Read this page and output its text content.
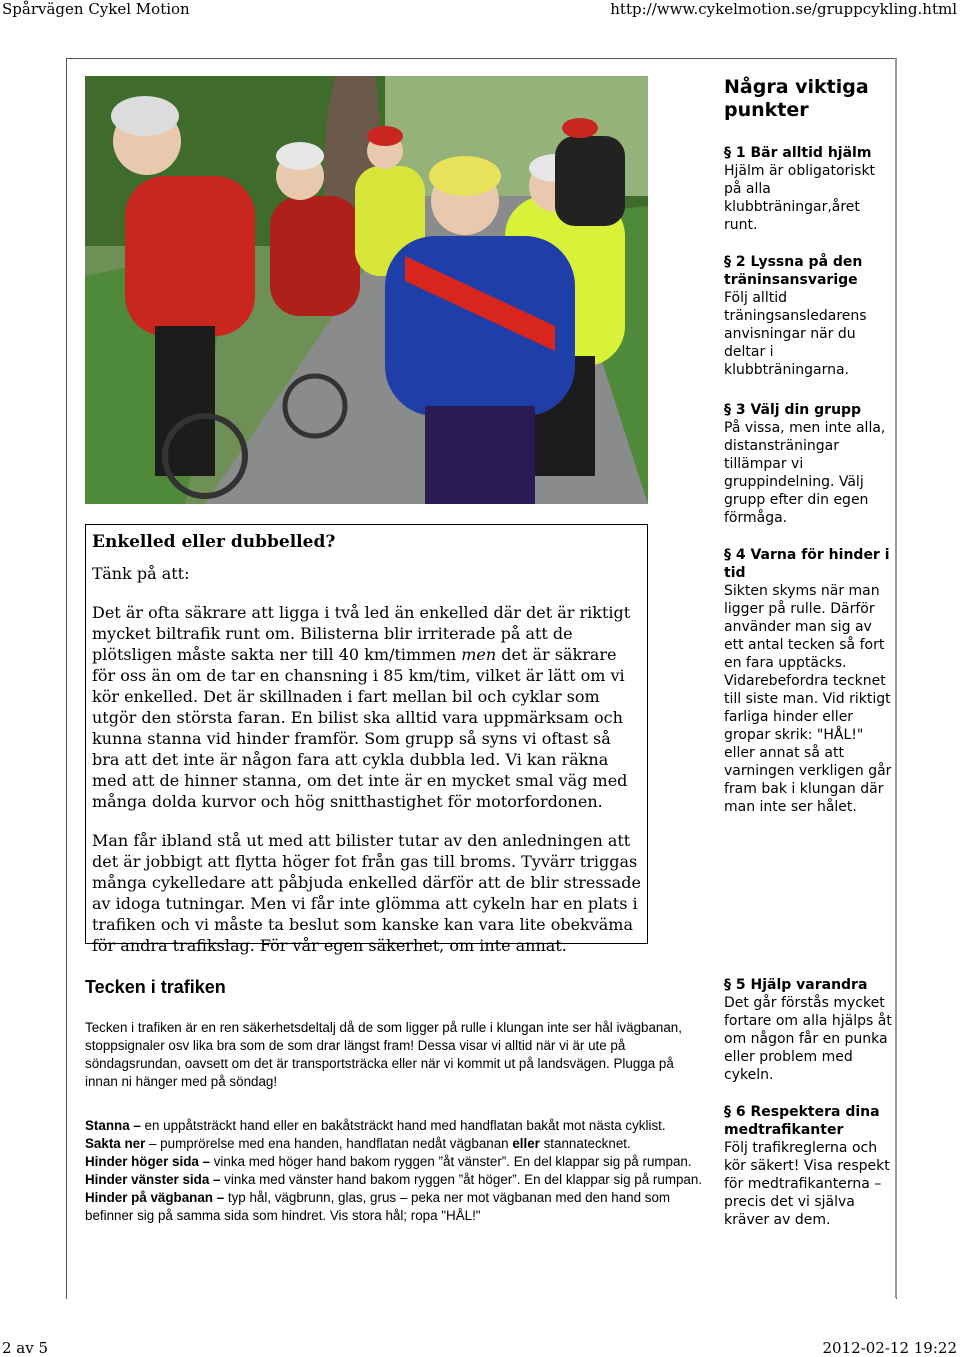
Spårvägen Cykel Motion	http://www.cykelmotion.se/gruppcykling.html
2 av 5	2012-02-12 19:22
Enkelled eller dubbelled?
Tänk på att:

Det är ofta säkrare att ligga i två led än enkelled där det är riktigt mycket biltrafik runt om. Bilisterna blir irriterade på att de plötsligen måste sakta ner till 40 km/timmen men det är säkrare för oss än om de tar en chansning i 85 km/tim, vilket är lätt om vi kör enkelled. Det är skillnaden i fart mellan bil och cyklar som utgör den största faran. En bilist ska alltid vara uppmärksam och kunna stanna vid hinder framför. Som grupp så syns vi oftast så bra att det inte är någon fara att cykla dubbla led. Vi kan räkna med att de hinner stanna, om det inte är en mycket smal väg med många dolda kurvor och hög snitthastighet för motorfordonen.

Man får ibland stå ut med att bilister tutar av den anledningen att det är jobbigt att flytta höger fot från gas till broms. Tyvärr triggas många cykelledare att påbjuda enkelled därför att de blir stressade av idoga tutningar. Men vi får inte glömma att cykeln har en plats i trafiken och vi måste ta beslut som kanske kan vara lite obekväma för andra trafikslag. För vår egen säkerhet, om inte annat.

Några viktiga punkter
§ 1 Bär alltid hjälm
Hjälm är obligatoriskt på alla klubbträningar,året runt.
§ 2 Lyssna på den träninsansvarige
Följ alltid träningsansledarens anvisningar när du deltar i klubbträningarna.
§ 3 Välj din grupp
På vissa, men inte alla, distansträningar tillämpar vi gruppindelning. Välj grupp efter din egen förmåga.
§ 4 Varna för hinder i tid
Sikten skyms när man ligger på rulle. Därför använder man sig av ett antal tecken så fort en fara upptäcks. Vidarebefordra tecknet till siste man. Vid riktigt farliga hinder eller gropar skrik: "HÅL!" eller annat så att varningen verkligen går fram bak i klungan där man inte ser hålet.
§ 5 Hjälp varandra
Det går förstås mycket fortare om alla hjälps åt om någon får en punka eller problem med cykeln.
§ 6 Respektera dina medtrafikanter
Följ trafikreglerna och kör säkert! Visa respekt för medtrafikanterna – precis det vi själva kräver av dem.
Tecken i trafiken

Tecken i trafiken är en ren säkerhetsdeltalj då de som ligger på rulle i klungan inte ser hål ivägbanan, stoppsignaler osv lika bra som de som drar längst fram! Dessa visar vi alltid när vi är ute på söndagsrundan, oavsett om det är transportsträcka eller när vi kommit ut på landsvägen. Plugga på innan ni hänger med på söndag!

Stanna – en uppåtsträckt hand eller en bakåtsträckt hand med handflatan bakåt mot nästa cyklist.

Sakta ner – pumprörelse med ena handen, handflatan nedåt vägbanan eller stannatecknet.

Hinder höger sida – vinka med höger hand bakom ryggen ”åt vänster”. En del klappar sig på rumpan.

Hinder vänster sida – vinka med vänster hand bakom ryggen ”åt höger”. En del klappar sig på rumpan.

Hinder på vägbanan – typ hål, vägbrunn, glas, grus – peka ner mot vägbanan med den hand som befinner sig på samma sida som hindret. Vis stora hål; ropa "HÅL!"
